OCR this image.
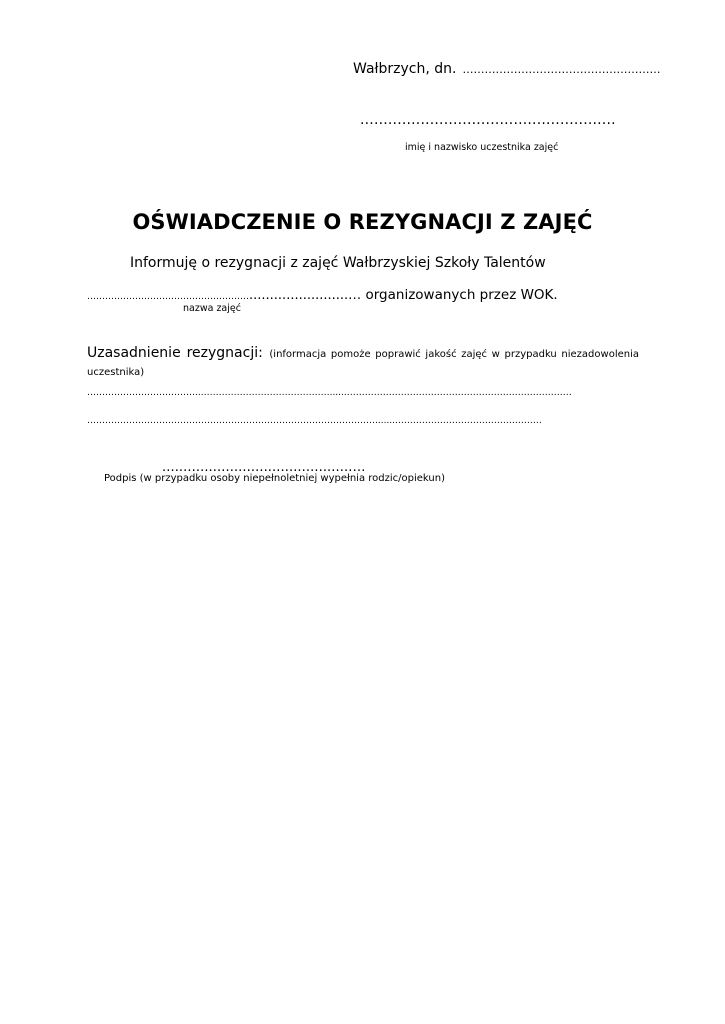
Wałbrzych, dn. ………………………………………………
.......................................................
imię i nazwisko uczestnika zajęć
OŚWIADCZENIE O REZYGNACJI Z ZAJĘĆ
Informuję o rezygnacji z zajęć Wałbrzyskiej Szkoły Talentów
………………………………………………........................… organizowanych przez WOK.
nazwa zajęć
Uzasadnienie rezygnacji: (informacja pomoże poprawić jakość zajęć w przypadku niezadowolenia uczestnika)
………………………………...……………………………………......…………………………………………………………………
……………………………………………………………………………………........…………………………………………
.............................................…
Podpis (w przypadku osoby niepełnoletniej wypełnia rodzic/opiekun)
